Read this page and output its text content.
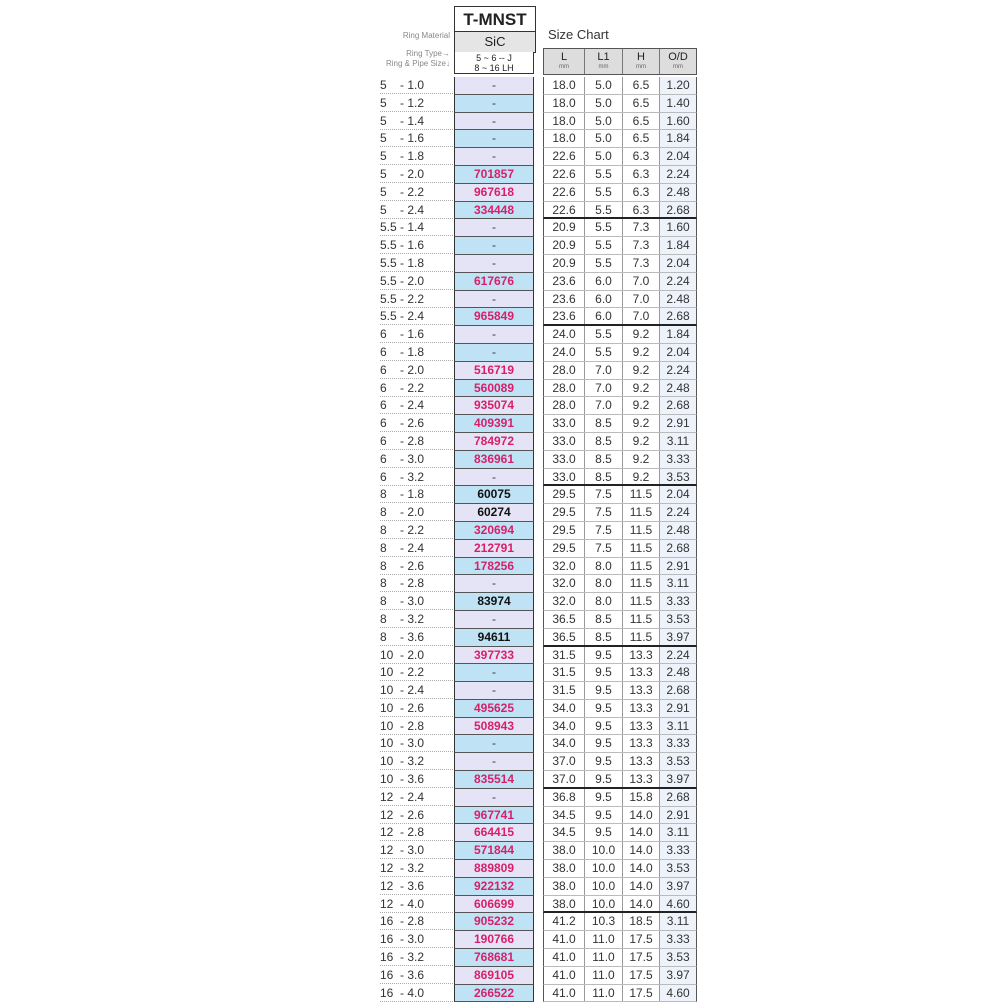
T-MNST
Ring Material	SiC
Ring Type→
Ring & Pipe Size↓
5 ~ 6 -- J
8 ~ 16 LH
Size Chart
L
mm
L1
mm
H
mm
O/D
mm
5    - 1.0	-	18.0	5.0	6.5	1.20
5    - 1.2	-	18.0	5.0	6.5	1.40
5    - 1.4	-	18.0	5.0	6.5	1.60
5    - 1.6	-	18.0	5.0	6.5	1.84
5    - 1.8	-	22.6	5.0	6.3	2.04
5    - 2.0	701857	22.6	5.5	6.3	2.24
5    - 2.2	967618	22.6	5.5	6.3	2.48
5    - 2.4	334448	22.6	5.5	6.3	2.68
5.5 - 1.4	-	20.9	5.5	7.3	1.60
5.5 - 1.6	-	20.9	5.5	7.3	1.84
5.5 - 1.8	-	20.9	5.5	7.3	2.04
5.5 - 2.0	617676	23.6	6.0	7.0	2.24
5.5 - 2.2	-	23.6	6.0	7.0	2.48
5.5 - 2.4	965849	23.6	6.0	7.0	2.68
6    - 1.6	-	24.0	5.5	9.2	1.84
6    - 1.8	-	24.0	5.5	9.2	2.04
6    - 2.0	516719	28.0	7.0	9.2	2.24
6    - 2.2	560089	28.0	7.0	9.2	2.48
6    - 2.4	935074	28.0	7.0	9.2	2.68
6    - 2.6	409391	33.0	8.5	9.2	2.91
6    - 2.8	784972	33.0	8.5	9.2	3.11
6    - 3.0	836961	33.0	8.5	9.2	3.33
6    - 3.2	-	33.0	8.5	9.2	3.53
8    - 1.8	60075	29.5	7.5	11.5	2.04
8    - 2.0	60274	29.5	7.5	11.5	2.24
8    - 2.2	320694	29.5	7.5	11.5	2.48
8    - 2.4	212791	29.5	7.5	11.5	2.68
8    - 2.6	178256	32.0	8.0	11.5	2.91
8    - 2.8	-	32.0	8.0	11.5	3.11
8    - 3.0	83974	32.0	8.0	11.5	3.33
8    - 3.2	-	36.5	8.5	11.5	3.53
8    - 3.6	94611	36.5	8.5	11.5	3.97
10  - 2.0	397733	31.5	9.5	13.3	2.24
10  - 2.2	-	31.5	9.5	13.3	2.48
10  - 2.4	-	31.5	9.5	13.3	2.68
10  - 2.6	495625	34.0	9.5	13.3	2.91
10  - 2.8	508943	34.0	9.5	13.3	3.11
10  - 3.0	-	34.0	9.5	13.3	3.33
10  - 3.2	-	37.0	9.5	13.3	3.53
10  - 3.6	835514	37.0	9.5	13.3	3.97
12  - 2.4	-	36.8	9.5	15.8	2.68
12  - 2.6	967741	34.5	9.5	14.0	2.91
12  - 2.8	664415	34.5	9.5	14.0	3.11
12  - 3.0	571844	38.0	10.0	14.0	3.33
12  - 3.2	889809	38.0	10.0	14.0	3.53
12  - 3.6	922132	38.0	10.0	14.0	3.97
12  - 4.0	606699	38.0	10.0	14.0	4.60
16  - 2.8	905232	41.2	10.3	18.5	3.11
16  - 3.0	190766	41.0	11.0	17.5	3.33
16  - 3.2	768681	41.0	11.0	17.5	3.53
16  - 3.6	869105	41.0	11.0	17.5	3.97
16  - 4.0	266522	41.0	11.0	17.5	4.60
